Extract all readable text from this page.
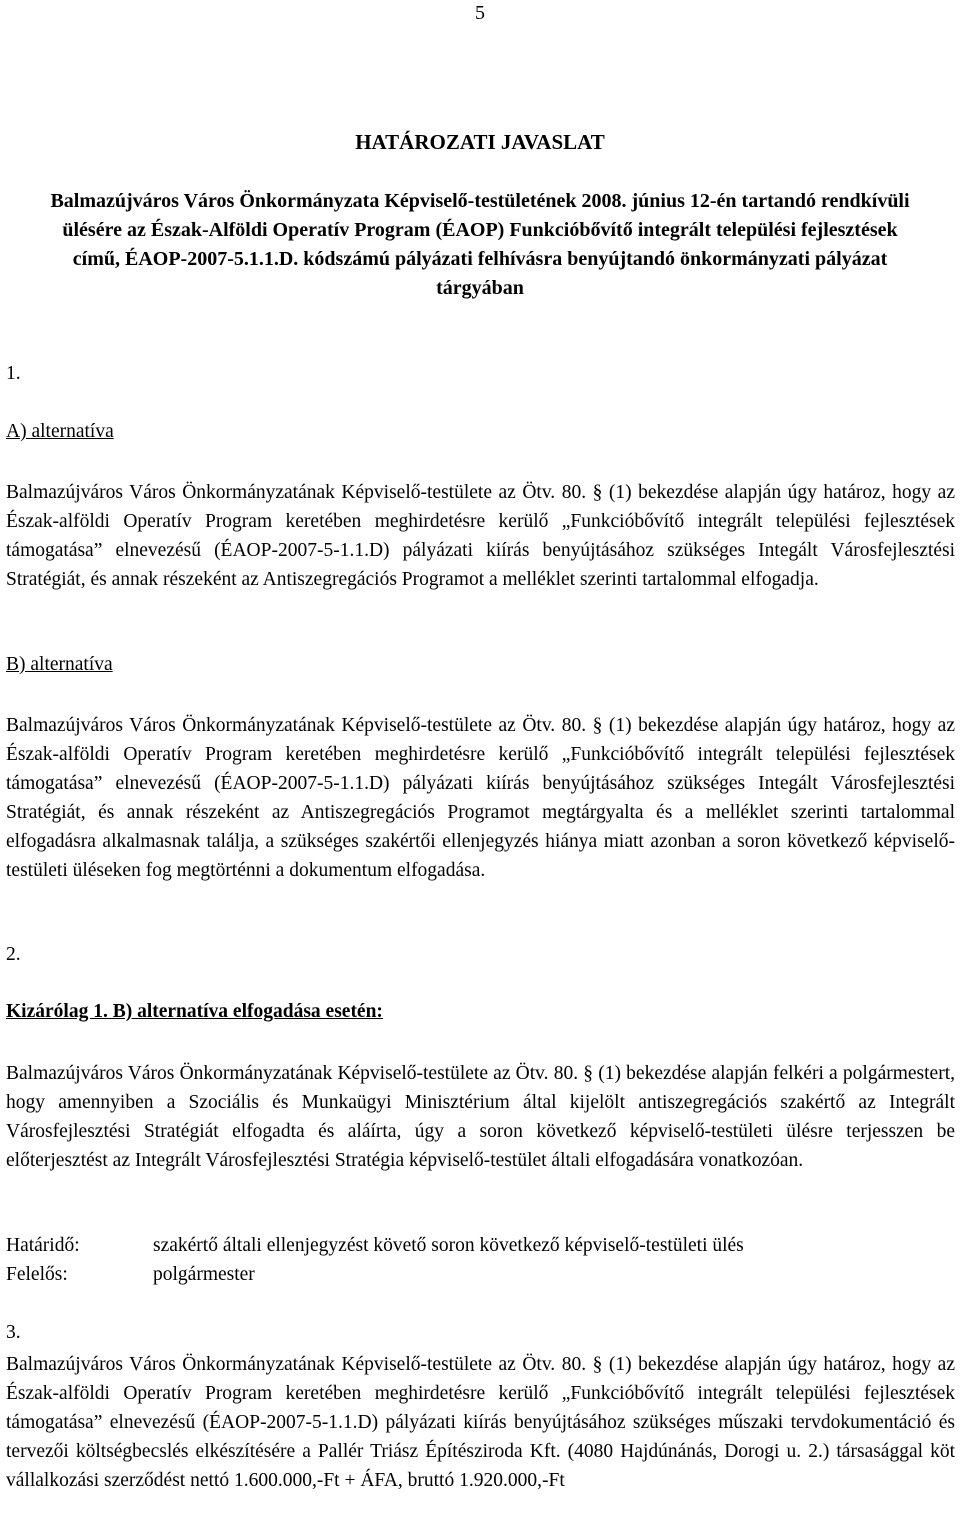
5
HATÁROZATI JAVASLAT
Balmazújváros Város Önkormányzata Képviselő-testületének 2008. június 12-én tartandó rendkívüli ülésére az Észak-Alföldi Operatív Program (ÉAOP) Funkcióbővítő integrált települési fejlesztések című, ÉAOP-2007-5.1.1.D. kódszámú pályázati felhívásra benyújtandó önkormányzati pályázat tárgyában
1.
A) alternatíva
Balmazújváros Város Önkormányzatának Képviselő-testülete az Ötv. 80. § (1) bekezdése alapján úgy határoz, hogy az Észak-alföldi Operatív Program keretében meghirdetésre kerülő „Funkcióbővítő integrált települési fejlesztések támogatása” elnevezésű (ÉAOP-2007-5-1.1.D) pályázati kiírás benyújtásához szükséges Integált Városfejlesztési Stratégiát, és annak részeként az Antiszegregációs Programot a melléklet szerinti tartalommal elfogadja.
B) alternatíva
Balmazújváros Város Önkormányzatának Képviselő-testülete az Ötv. 80. § (1) bekezdése alapján úgy határoz, hogy az Észak-alföldi Operatív Program keretében meghirdetésre kerülő „Funkcióbővítő integrált települési fejlesztések támogatása” elnevezésű (ÉAOP-2007-5-1.1.D) pályázati kiírás benyújtásához szükséges Integált Városfejlesztési Stratégiát, és annak részeként az Antiszegregációs Programot megtárgyalta és a melléklet szerinti tartalommal elfogadásra alkalmasnak találja, a szükséges szakértői ellenjegyzés hiánya miatt azonban a soron következő képviselő-testületi üléseken fog megtörténni a dokumentum elfogadása.
2.
Kizárólag 1. B) alternatíva elfogadása esetén:
Balmazújváros Város Önkormányzatának Képviselő-testülete az Ötv. 80. § (1) bekezdése alapján felkéri a polgármestert, hogy amennyiben a Szociális és Munkaügyi Minisztérium által kijelölt antiszegregációs szakértő az Integrált Városfejlesztési Stratégiát elfogadta és aláírta, úgy a soron következő képviselő-testületi ülésre terjesszen be előterjesztést az Integrált Városfejlesztési Stratégia képviselő-testület általi elfogadására vonatkozóan.
Határidő:	szakértő általi ellenjegyzést követő soron következő képviselő-testületi ülés
Felelős:	polgármester
3.
Balmazújváros Város Önkormányzatának Képviselő-testülete az Ötv. 80. § (1) bekezdése alapján úgy határoz, hogy az Észak-alföldi Operatív Program keretében meghirdetésre kerülő „Funkcióbővítő integrált települési fejlesztések támogatása” elnevezésű (ÉAOP-2007-5-1.1.D) pályázati kiírás benyújtásához szükséges műszaki tervdokumentáció és tervezői költségbecslés elkészítésére a Pallér Triász Építésziroda Kft. (4080 Hajdúnánás, Dorogi u. 2.) társasággal köt vállalkozási szerződést nettó 1.600.000,-Ft + ÁFA, bruttó 1.920.000,-Ft
